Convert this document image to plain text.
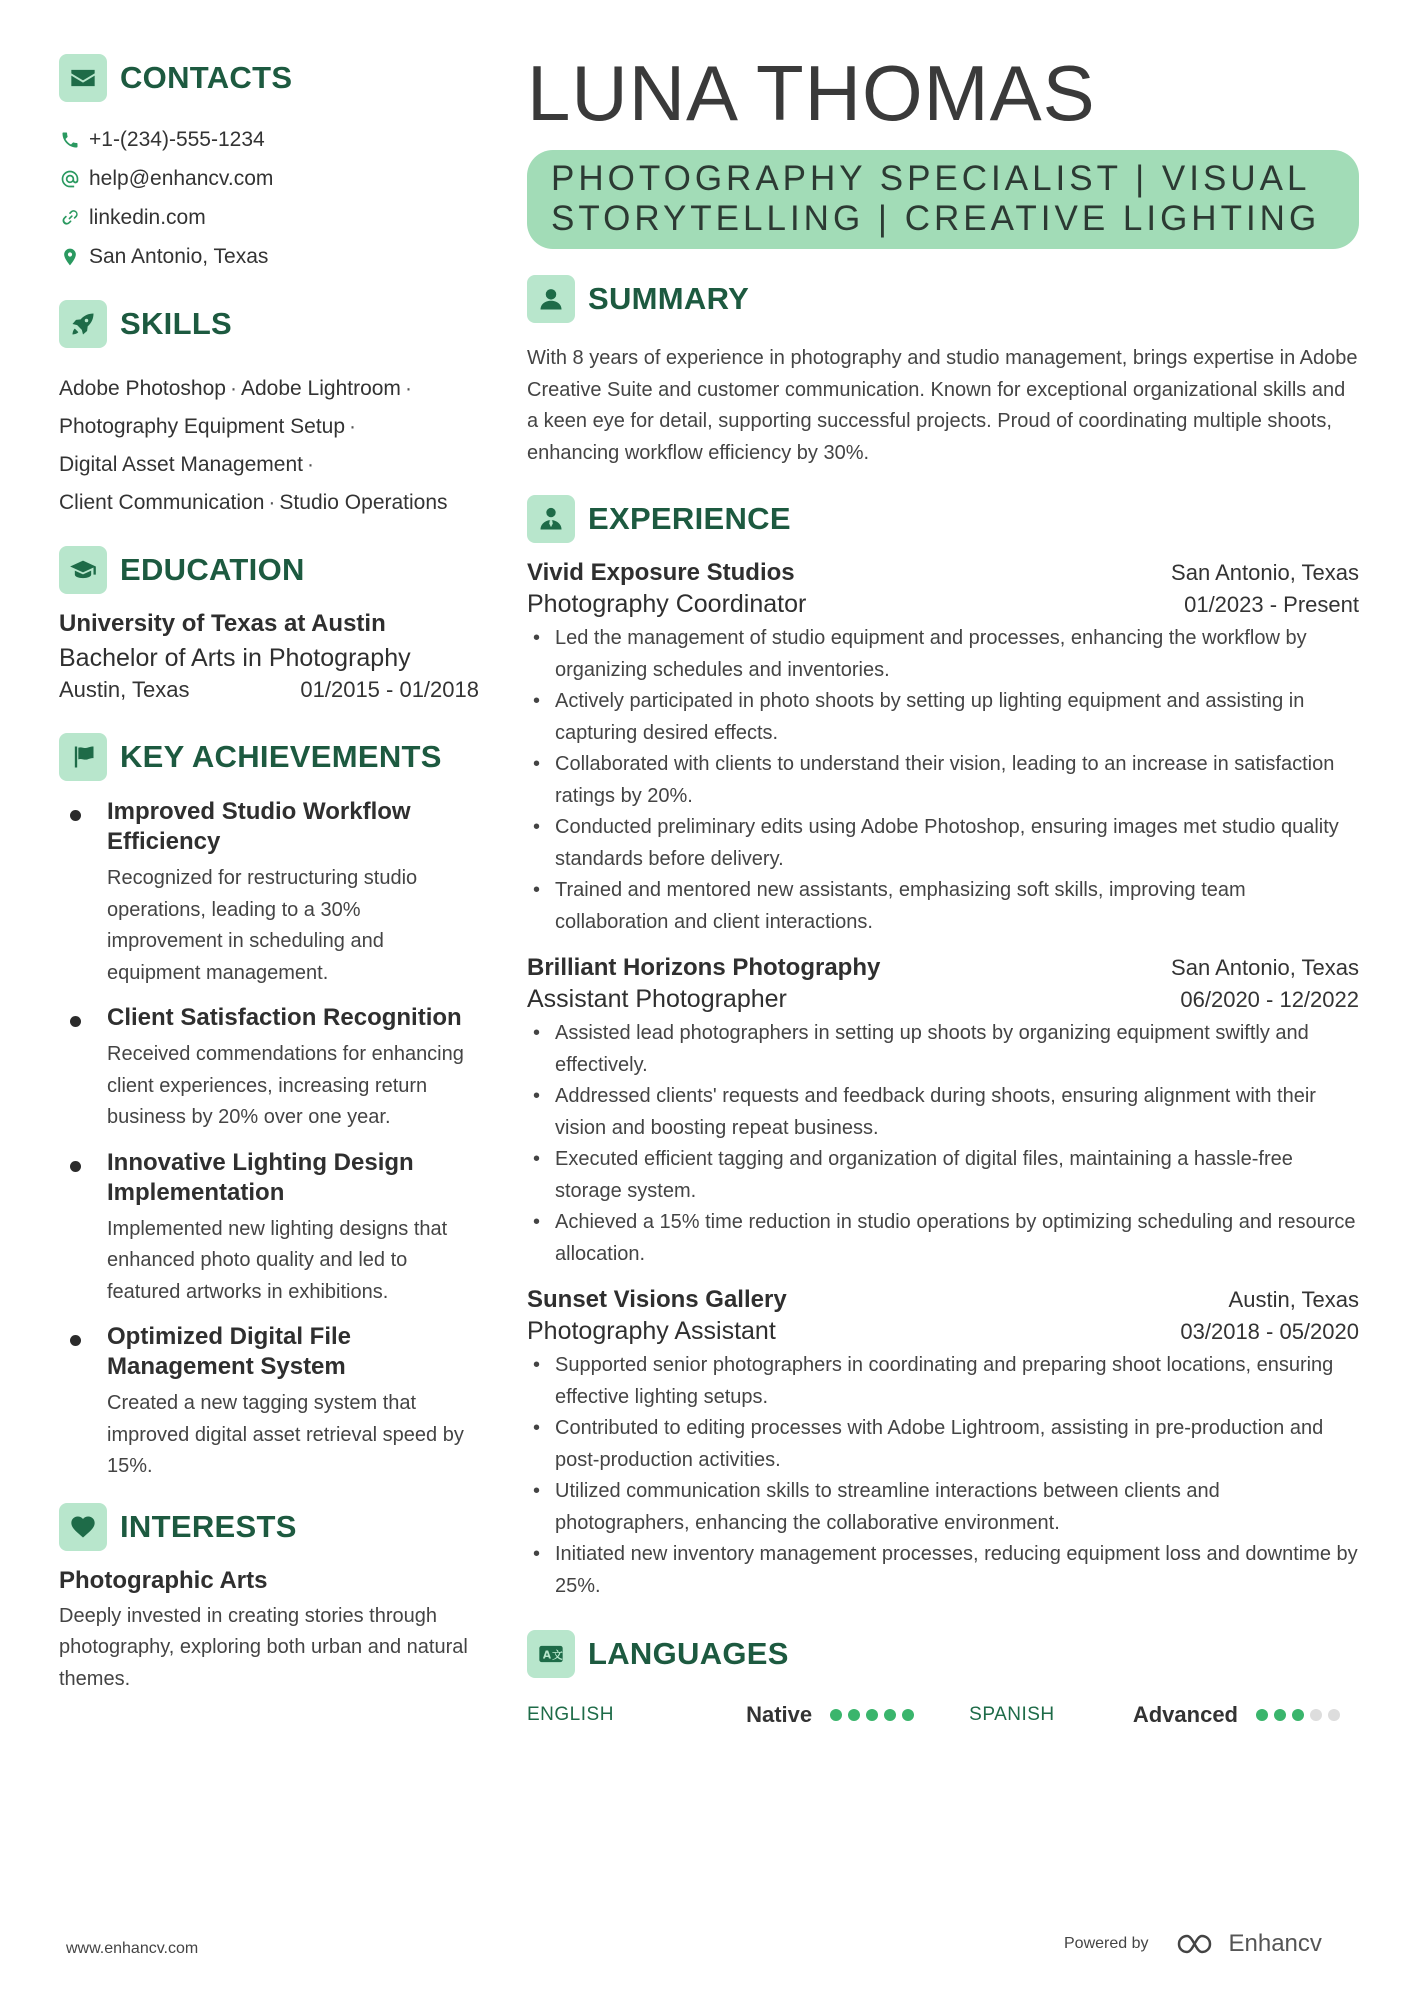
CONTACTS
+1-(234)-555-1234
help@enhancv.com
linkedin.com
San Antonio, Texas
SKILLS
Adobe Photoshop · Adobe Lightroom ·
Photography Equipment Setup ·
Digital Asset Management ·
Client Communication · Studio Operations
EDUCATION
University of Texas at Austin
Bachelor of Arts in Photography
Austin, Texas	01/2015 - 01/2018
KEY ACHIEVEMENTS
Improved Studio Workflow Efficiency
Recognized for restructuring studio operations, leading to a 30% improvement in scheduling and equipment management.
Client Satisfaction Recognition
Received commendations for enhancing client experiences, increasing return business by 20% over one year.
Innovative Lighting Design Implementation
Implemented new lighting designs that enhanced photo quality and led to featured artworks in exhibitions.
Optimized Digital File Management System
Created a new tagging system that improved digital asset retrieval speed by 15%.
INTERESTS
Photographic Arts
Deeply invested in creating stories through photography, exploring both urban and natural themes.
LUNA THOMAS
PHOTOGRAPHY SPECIALIST | VISUAL STORYTELLING | CREATIVE LIGHTING
SUMMARY
With 8 years of experience in photography and studio management, brings expertise in Adobe Creative Suite and customer communication. Known for exceptional organizational skills and a keen eye for detail, supporting successful projects. Proud of coordinating multiple shoots, enhancing workflow efficiency by 30%.
EXPERIENCE
Vivid Exposure Studios	San Antonio, Texas
Photography Coordinator	01/2023 - Present
• Led the management of studio equipment and processes, enhancing the workflow by organizing schedules and inventories.
• Actively participated in photo shoots by setting up lighting equipment and assisting in capturing desired effects.
• Collaborated with clients to understand their vision, leading to an increase in satisfaction ratings by 20%.
• Conducted preliminary edits using Adobe Photoshop, ensuring images met studio quality standards before delivery.
• Trained and mentored new assistants, emphasizing soft skills, improving team collaboration and client interactions.
Brilliant Horizons Photography	San Antonio, Texas
Assistant Photographer	06/2020 - 12/2022
• Assisted lead photographers in setting up shoots by organizing equipment swiftly and effectively.
• Addressed clients' requests and feedback during shoots, ensuring alignment with their vision and boosting repeat business.
• Executed efficient tagging and organization of digital files, maintaining a hassle-free storage system.
• Achieved a 15% time reduction in studio operations by optimizing scheduling and resource allocation.
Sunset Visions Gallery	Austin, Texas
Photography Assistant	03/2018 - 05/2020
• Supported senior photographers in coordinating and preparing shoot locations, ensuring effective lighting setups.
• Contributed to editing processes with Adobe Lightroom, assisting in pre-production and post-production activities.
• Utilized communication skills to streamline interactions between clients and photographers, enhancing the collaborative environment.
• Initiated new inventory management processes, reducing equipment loss and downtime by 25%.
A 文 LANGUAGES
ENGLISH	Native	SPANISH	Advanced
www.enhancv.com	Powered by	Enhancv
